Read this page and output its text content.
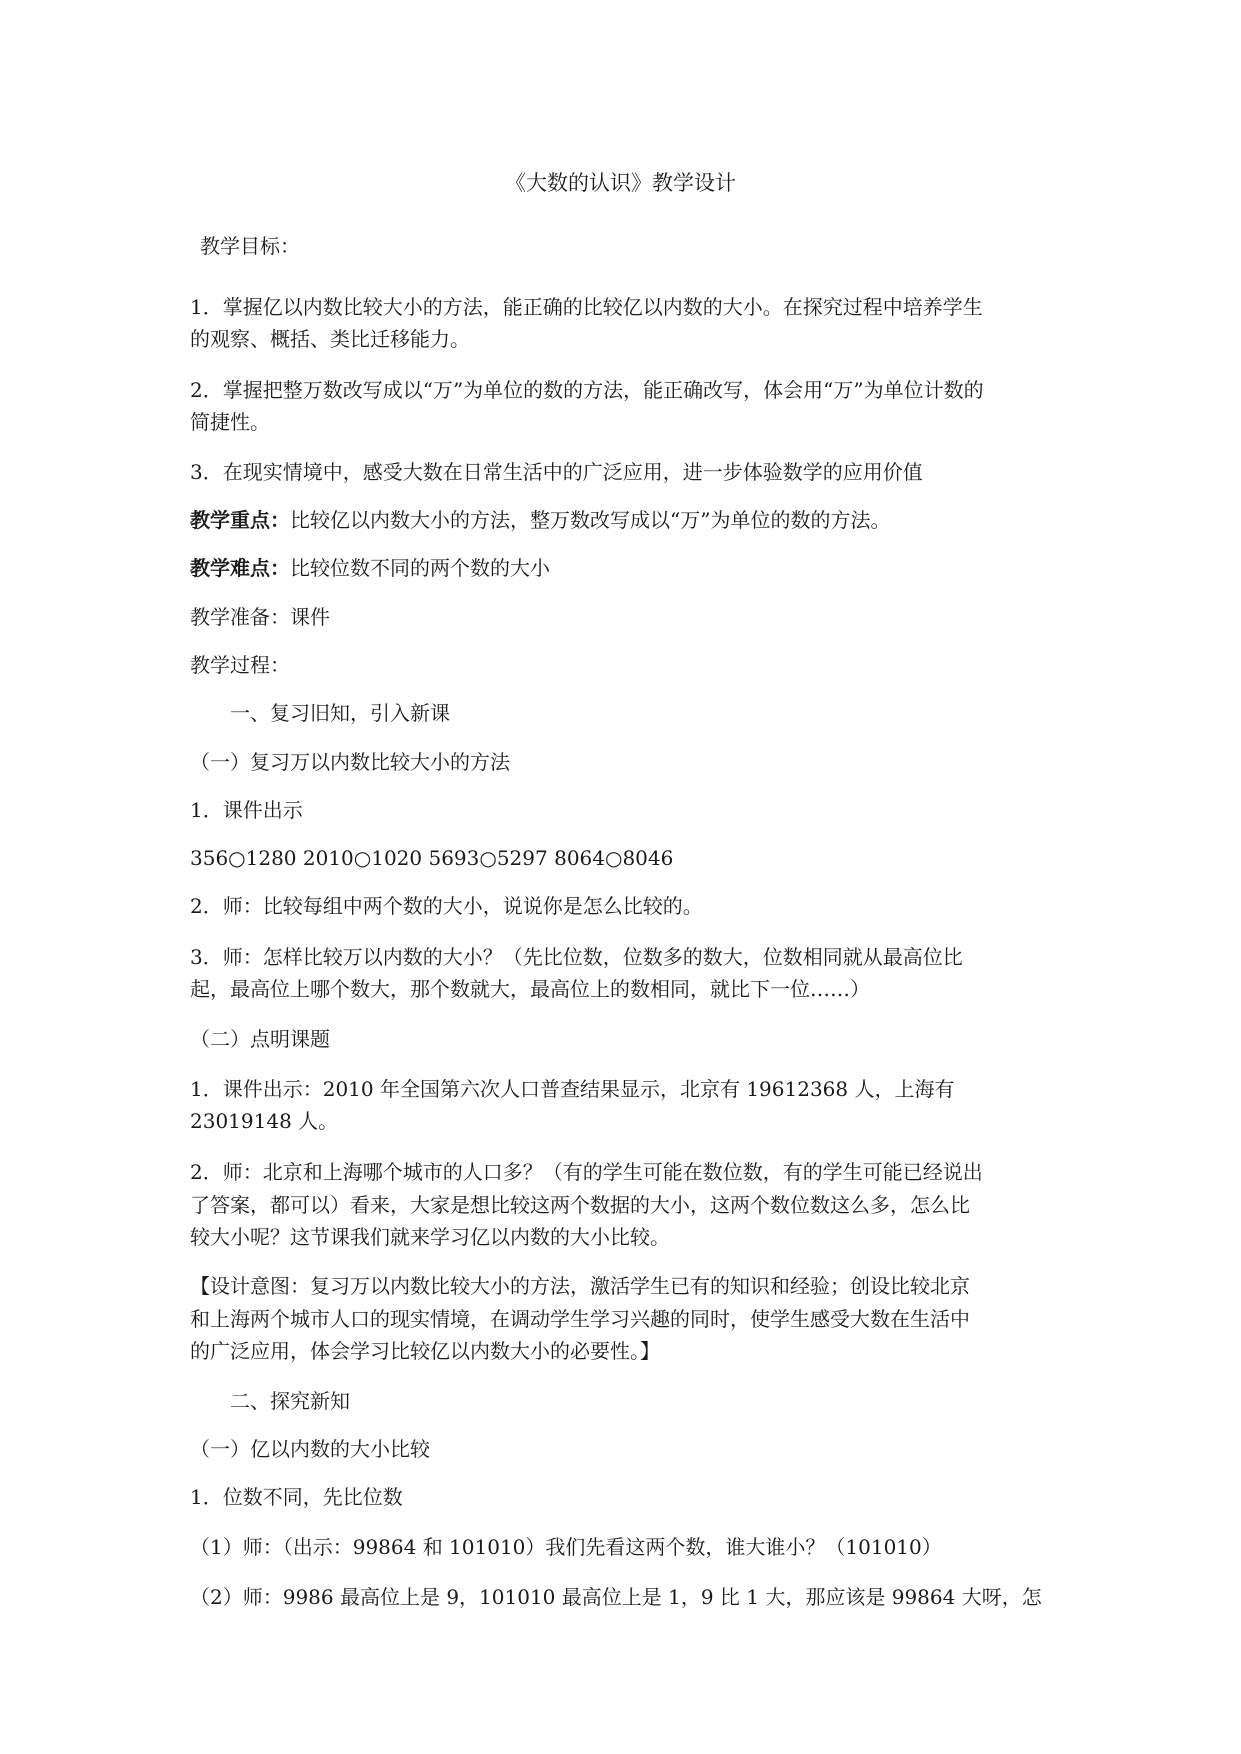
《大数的认识》教学设计
教学目标：
1．掌握亿以内数比较大小的方法，能正确的比较亿以内数的大小。在探究过程中培养学生
的观察、概括、类比迁移能力。
2．掌握把整万数改写成以“万”为单位的数的方法，能正确改写，体会用“万”为单位计数的
简捷性。
3．在现实情境中，感受大数在日常生活中的广泛应用，进一步体验数学的应用价值
教学重点：比较亿以内数大小的方法，整万数改写成以“万”为单位的数的方法。
教学难点：比较位数不同的两个数的大小
教学准备：课件
教学过程：
一、复习旧知，引入新课
（一）复习万以内数比较大小的方法
1．课件出示
356○1280 2010○1020 5693○5297 8064○8046
2．师：比较每组中两个数的大小，说说你是怎么比较的。
3．师：怎样比较万以内数的大小？（先比位数，位数多的数大，位数相同就从最高位比
起，最高位上哪个数大，那个数就大，最高位上的数相同，就比下一位……）
（二）点明课题
1．课件出示：2010 年全国第六次人口普查结果显示，北京有 19612368 人，上海有
23019148 人。
2．师：北京和上海哪个城市的人口多？（有的学生可能在数位数，有的学生可能已经说出
了答案，都可以）看来，大家是想比较这两个数据的大小，这两个数位数这么多，怎么比
较大小呢？这节课我们就来学习亿以内数的大小比较。
【设计意图：复习万以内数比较大小的方法，激活学生已有的知识和经验；创设比较北京
和上海两个城市人口的现实情境，在调动学生学习兴趣的同时，使学生感受大数在生活中
的广泛应用，体会学习比较亿以内数大小的必要性。】
二、探究新知
（一）亿以内数的大小比较
1．位数不同，先比位数
（1）师：（出示：99864 和 101010）我们先看这两个数，谁大谁小？（101010）
（2）师：9986 最高位上是 9，101010 最高位上是 1，9 比 1 大，那应该是 99864 大呀，怎
